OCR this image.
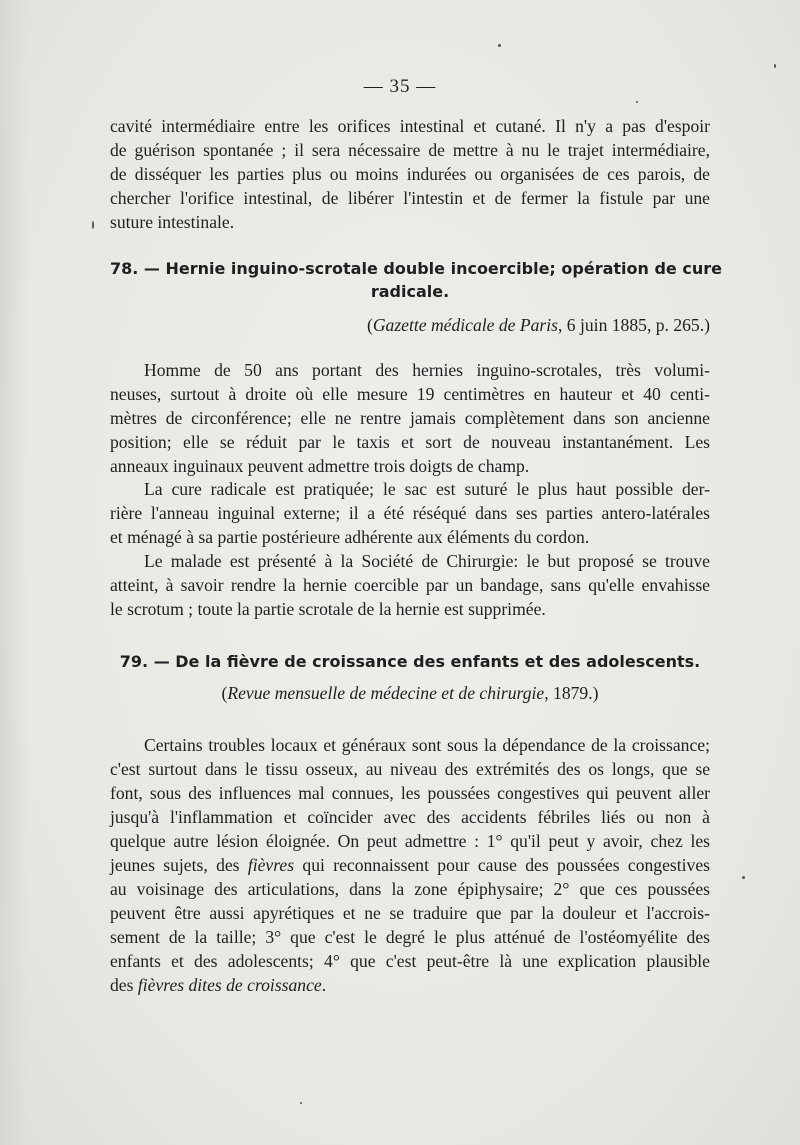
— 35 —

cavité intermédiaire entre les orifices intestinal et cutané. Il n'y a pas d'espoir
de guérison spontanée ; il sera nécessaire de mettre à nu le trajet intermédiaire,
de disséquer les parties plus ou moins indurées ou organisées de ces parois, de
chercher l'orifice intestinal, de libérer l'intestin et de fermer la fistule par une
suture intestinale.

78. — Hernie inguino-scrotale double incoercible; opération de cure
radicale.
(Gazette médicale de Paris, 6 juin 1885, p. 265.)

Homme de 50 ans portant des hernies inguino-scrotales, très volumi-
neuses, surtout à droite où elle mesure 19 centimètres en hauteur et 40 centi-
mètres de circonférence; elle ne rentre jamais complètement dans son ancienne
position; elle se réduit par le taxis et sort de nouveau instantanément. Les
anneaux inguinaux peuvent admettre trois doigts de champ.

La cure radicale est pratiquée; le sac est suturé le plus haut possible der-
rière l'anneau inguinal externe; il a été réséqué dans ses parties antero-latérales
et ménagé à sa partie postérieure adhérente aux éléments du cordon.

Le malade est présenté à la Société de Chirurgie: le but proposé se trouve
atteint, à savoir rendre la hernie coercible par un bandage, sans qu'elle envahisse
le scrotum ; toute la partie scrotale de la hernie est supprimée.

79. — De la fièvre de croissance des enfants et des adolescents.
(Revue mensuelle de médecine et de chirurgie, 1879.)

Certains troubles locaux et généraux sont sous la dépendance de la croissance;
c'est surtout dans le tissu osseux, au niveau des extrémités des os longs, que se
font, sous des influences mal connues, les poussées congestives qui peuvent aller
jusqu'à l'inflammation et coïncider avec des accidents fébriles liés ou non à
quelque autre lésion éloignée. On peut admettre : 1° qu'il peut y avoir, chez les
jeunes sujets, des fièvres qui reconnaissent pour cause des poussées congestives
au voisinage des articulations, dans la zone épiphysaire; 2° que ces poussées
peuvent être aussi apyrétiques et ne se traduire que par la douleur et l'accrois-
sement de la taille; 3° que c'est le degré le plus atténué de l'ostéomyélite des
enfants et des adolescents; 4° que c'est peut-être là une explication plausible
des fièvres dites de croissance.
